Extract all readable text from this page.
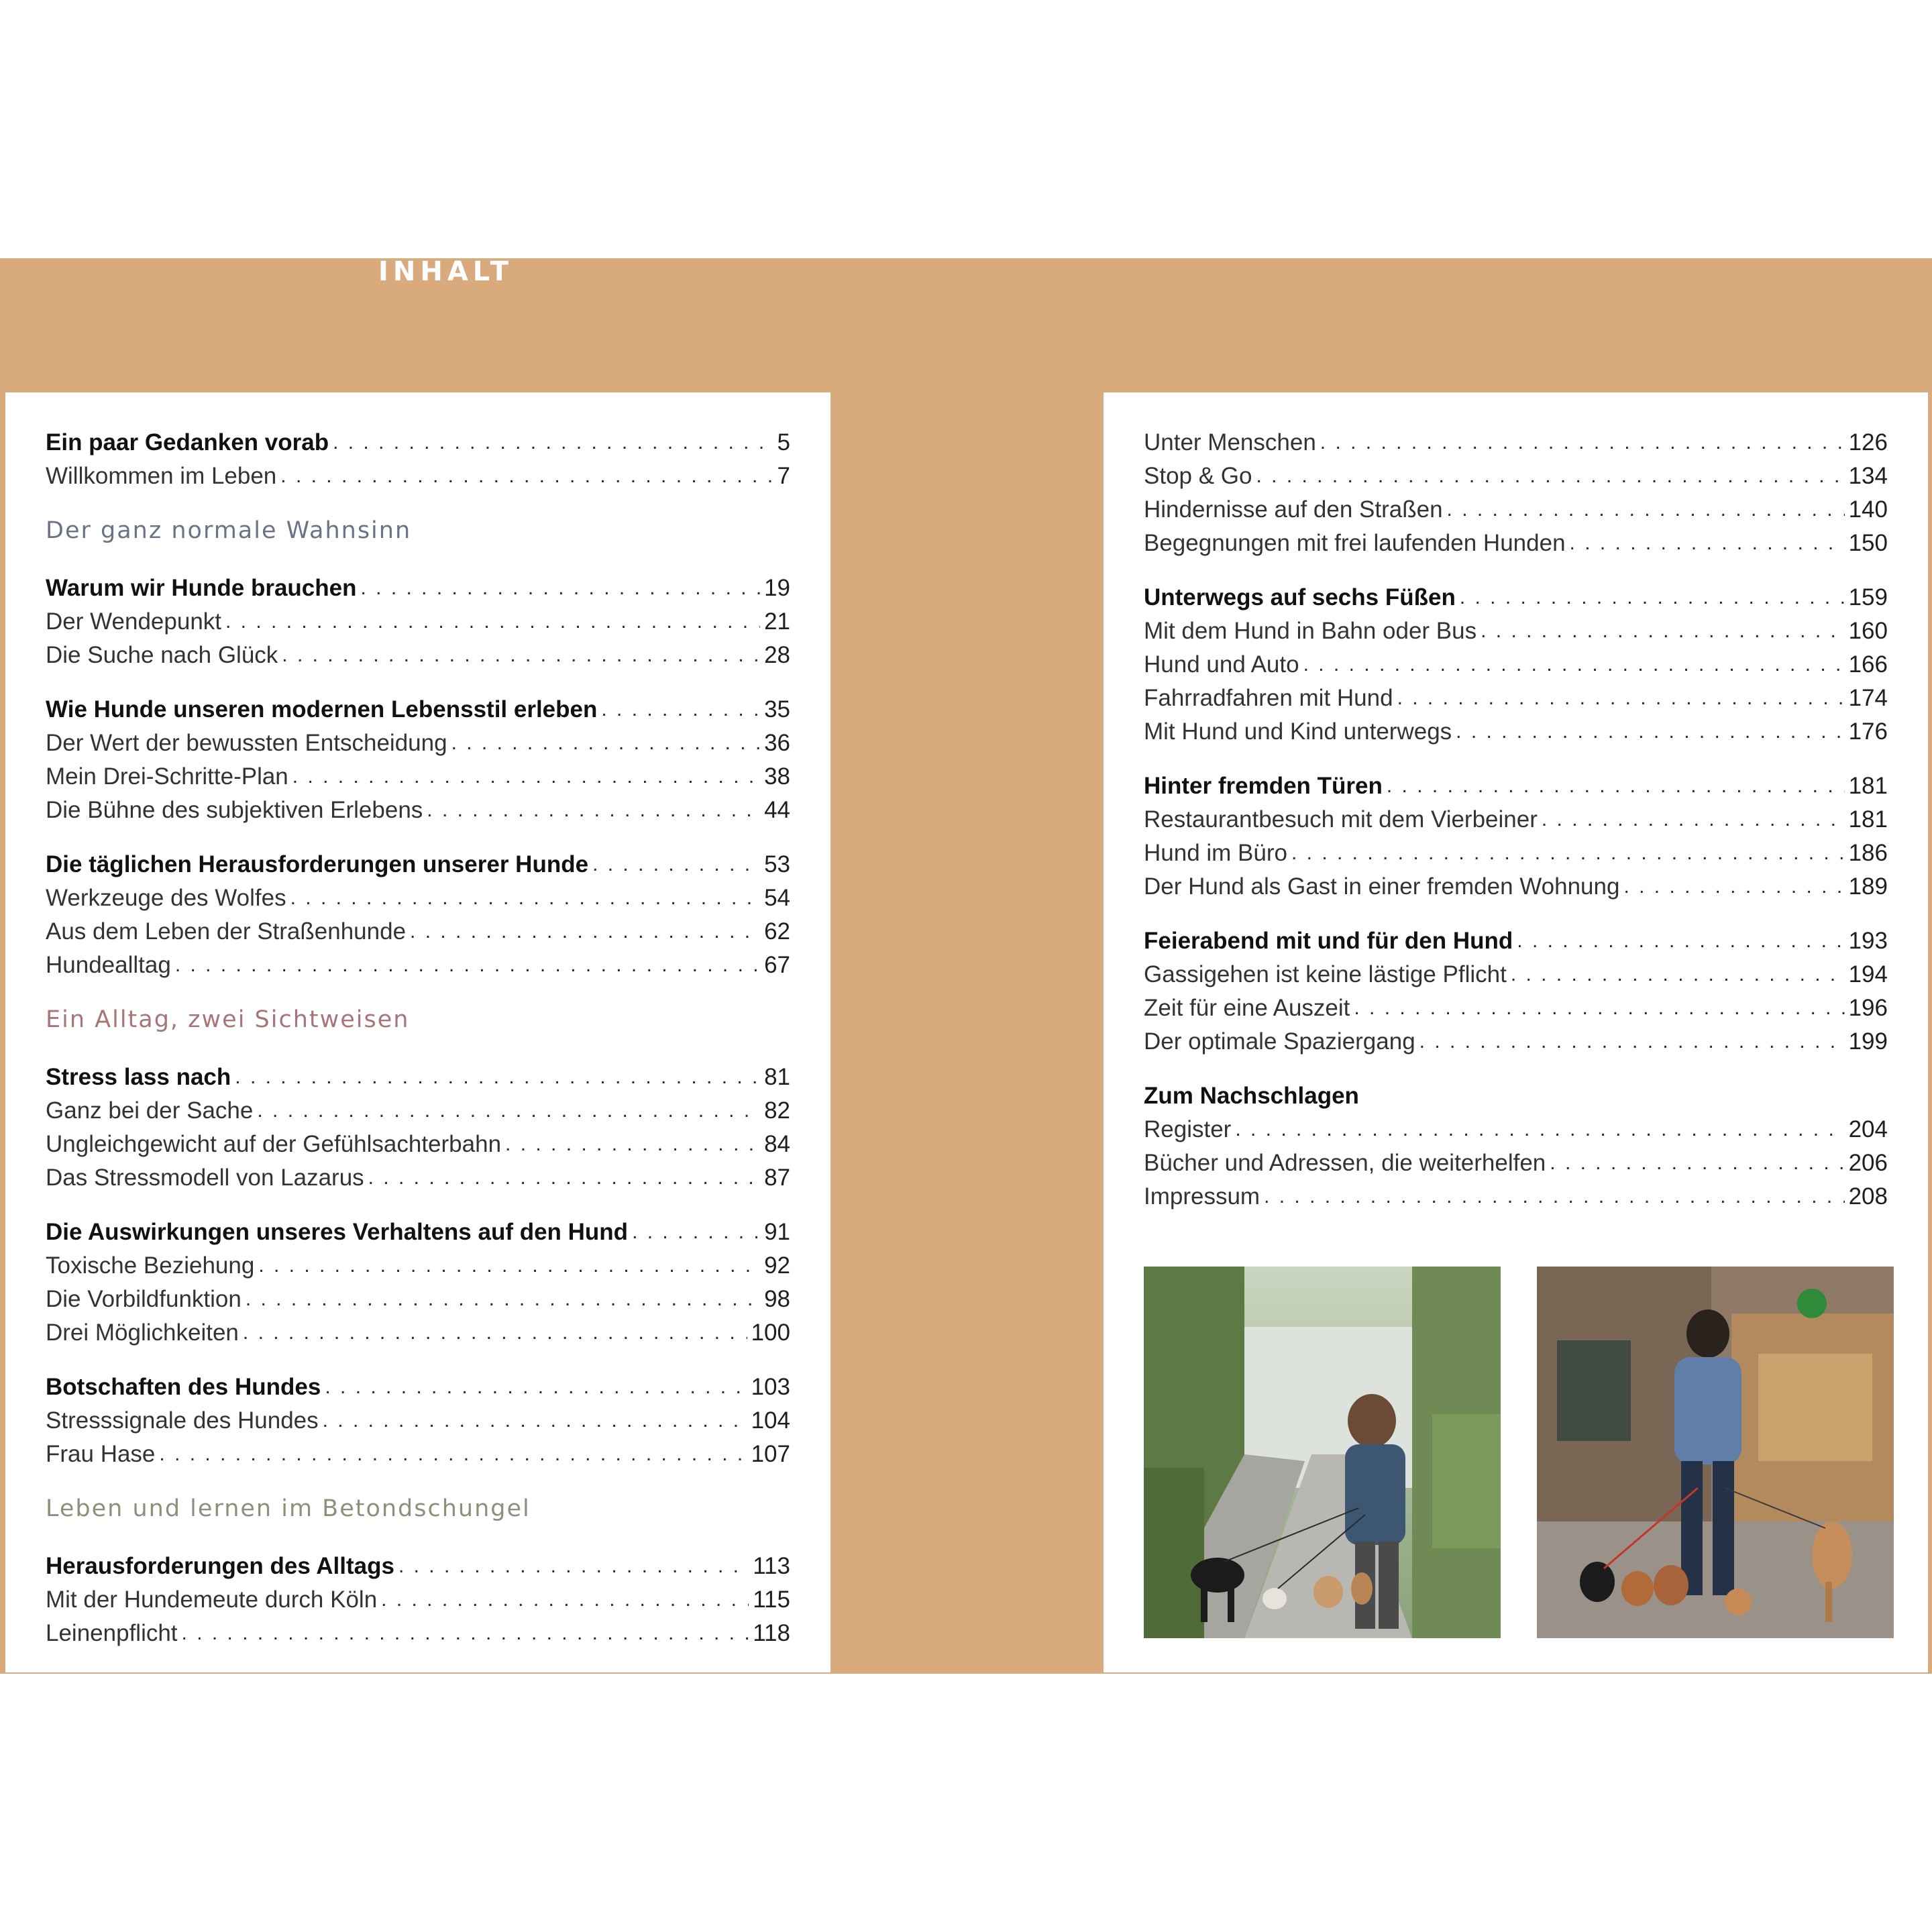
INHALT
Ein paar Gedanken vorab . . .	5
Willkommen im Leben . . .	7
Der ganz normale Wahnsinn
Warum wir Hunde brauchen . . .	19
Der Wendepunkt . . .	21
Die Suche nach Glück . . .	28
Wie Hunde unseren modernen Lebensstil erleben . . .	35
Der Wert der bewussten Entscheidung . . .	36
Mein Drei-Schritte-Plan . . .	38
Die Bühne des subjektiven Erlebens . . .	44
Die täglichen Herausforderungen unserer Hunde . . .	53
Werkzeuge des Wolfes . . .	54
Aus dem Leben der Straßenhunde . . .	62
Hundealltag . . .	67
Ein Alltag, zwei Sichtweisen
Stress lass nach . . .	81
Ganz bei der Sache . . .	82
Ungleichgewicht auf der Gefühlsachterbahn . . .	84
Das Stressmodell von Lazarus . . .	87
Die Auswirkungen unseres Verhaltens auf den Hund . . .	91
Toxische Beziehung . . .	92
Die Vorbildfunktion . . .	98
Drei Möglichkeiten . . .	100
Botschaften des Hundes . . .	103
Stresssignale des Hundes . . .	104
Frau Hase . . .	107
Leben und lernen im Betondschungel
Herausforderungen des Alltags . . .	113
Mit der Hundemeute durch Köln . . .	115
Leinenpflicht . . .	118
Unter Menschen . . .	126
Stop & Go . . .	134
Hindernisse auf den Straßen . . .	140
Begegnungen mit frei laufenden Hunden . . .	150
Unterwegs auf sechs Füßen . . .	159
Mit dem Hund in Bahn oder Bus . . .	160
Hund und Auto . . .	166
Fahrradfahren mit Hund . . .	174
Mit Hund und Kind unterwegs . . .	176
Hinter fremden Türen . . .	181
Restaurantbesuch mit dem Vierbeiner . . .	181
Hund im Büro . . .	186
Der Hund als Gast in einer fremden Wohnung . . .	189
Feierabend mit und für den Hund . . .	193
Gassigehen ist keine lästige Pflicht . . .	194
Zeit für eine Auszeit . . .	196
Der optimale Spaziergang . . .	199
Zum Nachschlagen
Register . . .	204
Bücher und Adressen, die weiterhelfen . . .	206
Impressum . . .	208
